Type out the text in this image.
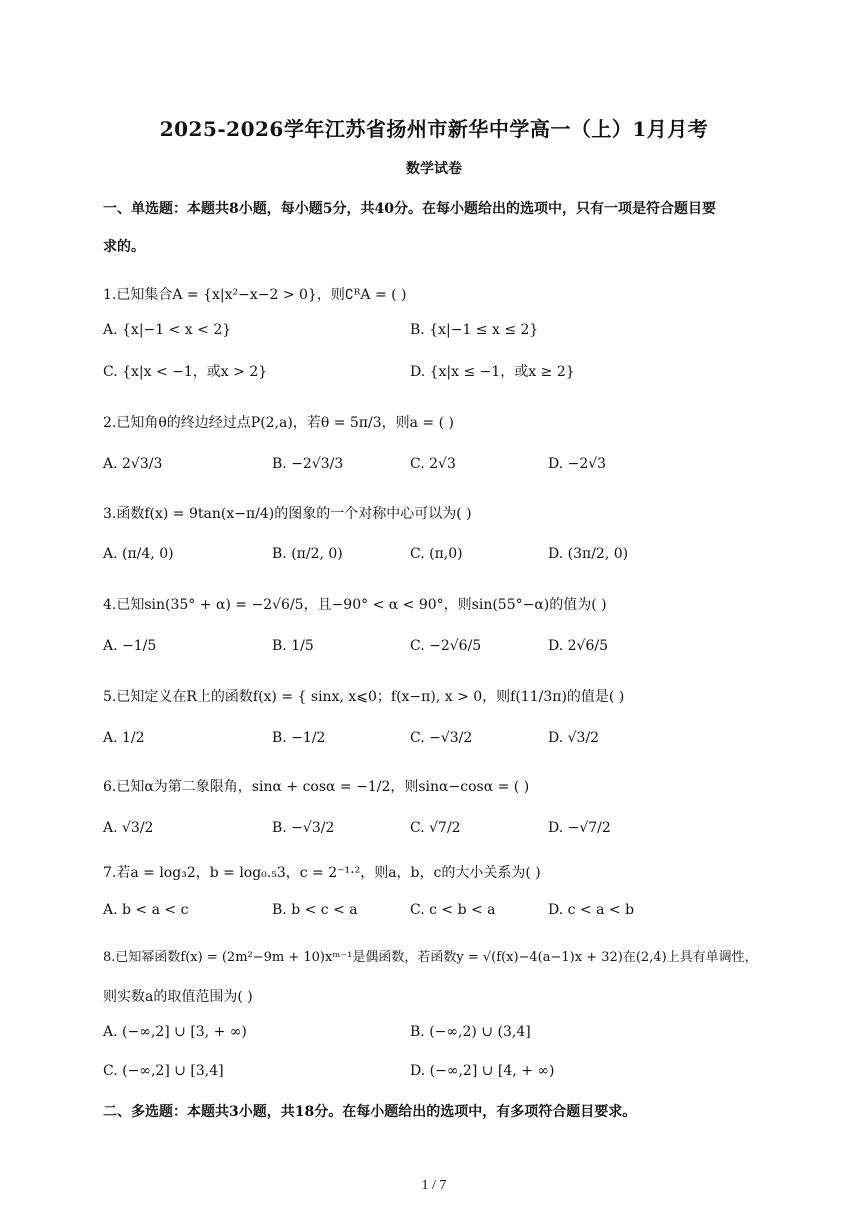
2025-2026学年江苏省扬州市新华中学高一（上）1月月考
数学试卷
一、单选题：本题共8小题，每小题5分，共40分。在每小题给出的选项中，只有一项是符合题目要
求的。
1.已知集合A = {x|x²−x−2 > 0}，则∁ᴿA = ( )
A. {x|−1 < x < 2}	B. {x|−1 ≤ x ≤ 2}
C. {x|x < −1，或x > 2}	D. {x|x ≤ −1，或x ≥ 2}
2.已知角θ的终边经过点P(2,a)，若θ = 5π/3，则a = ( )
A. 2√3/3	B. −2√3/3	C. 2√3	D. −2√3
3.函数f(x) = 9tan(x−π/4)的图象的一个对称中心可以为( )
A. (π/4, 0)	B. (π/2, 0)	C. (π,0)	D. (3π/2, 0)
4.已知sin(35° + α) = −2√6/5，且−90° < α < 90°，则sin(55°−α)的值为( )
A. −1/5	B. 1/5	C. −2√6/5	D. 2√6/5
5.已知定义在R上的函数f(x) = { sinx, x⩽0；f(x−π), x > 0，则f(11/3π)的值是( )
A. 1/2	B. −1/2	C. −√3/2	D. √3/2
6.已知α为第二象限角，sinα + cosα = −1/2，则sinα−cosα = ( )
A. √3/2	B. −√3/2	C. √7/2	D. −√7/2
7.若a = log₃2，b = log₀.₅3，c = 2⁻¹·²，则a，b，c的大小关系为( )
A. b < a < c	B. b < c < a	C. c < b < a	D. c < a < b
8.已知幂函数f(x) = (2m²−9m + 10)xᵐ⁻¹是偶函数，若函数y = √(f(x)−4(a−1)x + 32)在(2,4)上具有单调性，
则实数a的取值范围为( )
A. (−∞,2] ∪ [3, + ∞)	B. (−∞,2) ∪ (3,4]
C. (−∞,2] ∪ [3,4]	D. (−∞,2] ∪ [4, + ∞)
二、多选题：本题共3小题，共18分。在每小题给出的选项中，有多项符合题目要求。
1 / 7
